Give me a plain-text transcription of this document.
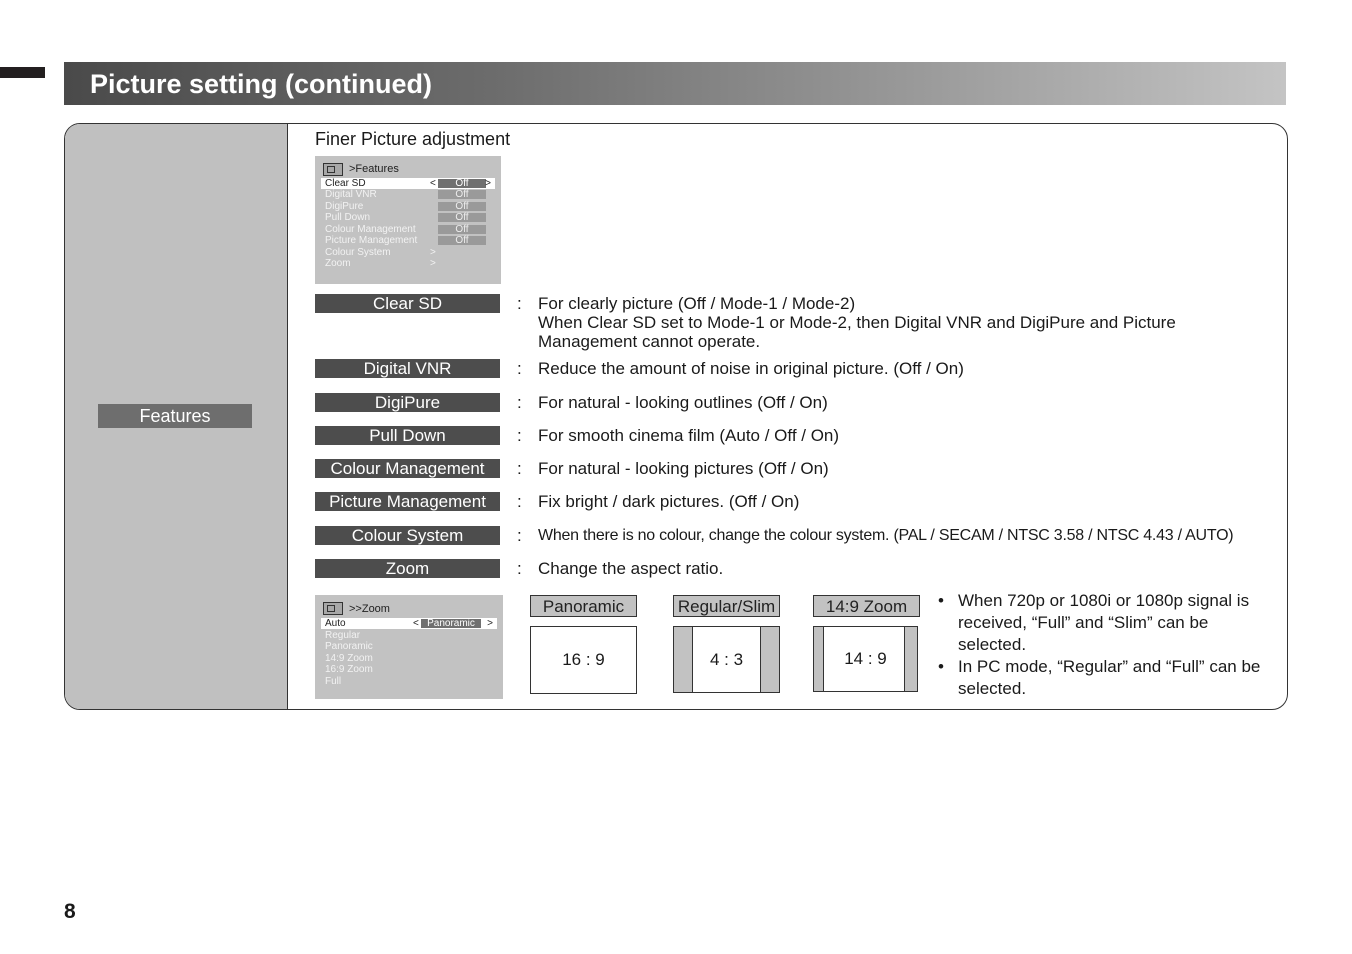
Picture setting (continued)
Features
Finer Picture adjustment
>Features
Clear SD	<	Off	>
Digital VNR	Off
DigiPure	Off
Pull Down	Off
Colour Management	Off
Picture Management	Off
Colour System	>
Zoom	>
Clear SD	: For clearly picture (Off / Mode-1 / Mode-2)
When Clear SD set to Mode-1 or Mode-2, then Digital VNR and DigiPure and Picture
Management cannot operate.
Digital VNR	: Reduce the amount of noise in original picture. (Off / On)
DigiPure	: For natural - looking outlines (Off / On)
Pull Down	: For smooth cinema film (Auto / Off / On)
Colour Management	: For natural - looking pictures (Off / On)
Picture Management	: Fix bright / dark pictures. (Off / On)
Colour System	: When there is no colour, change the colour system. (PAL / SECAM / NTSC 3.58 / NTSC 4.43 / AUTO)
Zoom	: Change the aspect ratio.
>>Zoom
Auto	< Panoramic	>
Regular
Panoramic
14:9 Zoom
16:9 Zoom
Full
Panoramic
16 : 9
Regular/Slim
4 : 3
14:9 Zoom
14 : 9
• When 720p or 1080i or 1080p signal is received, “Full” and “Slim” can be selected.
• In PC mode, “Regular” and “Full” can be selected.
8
